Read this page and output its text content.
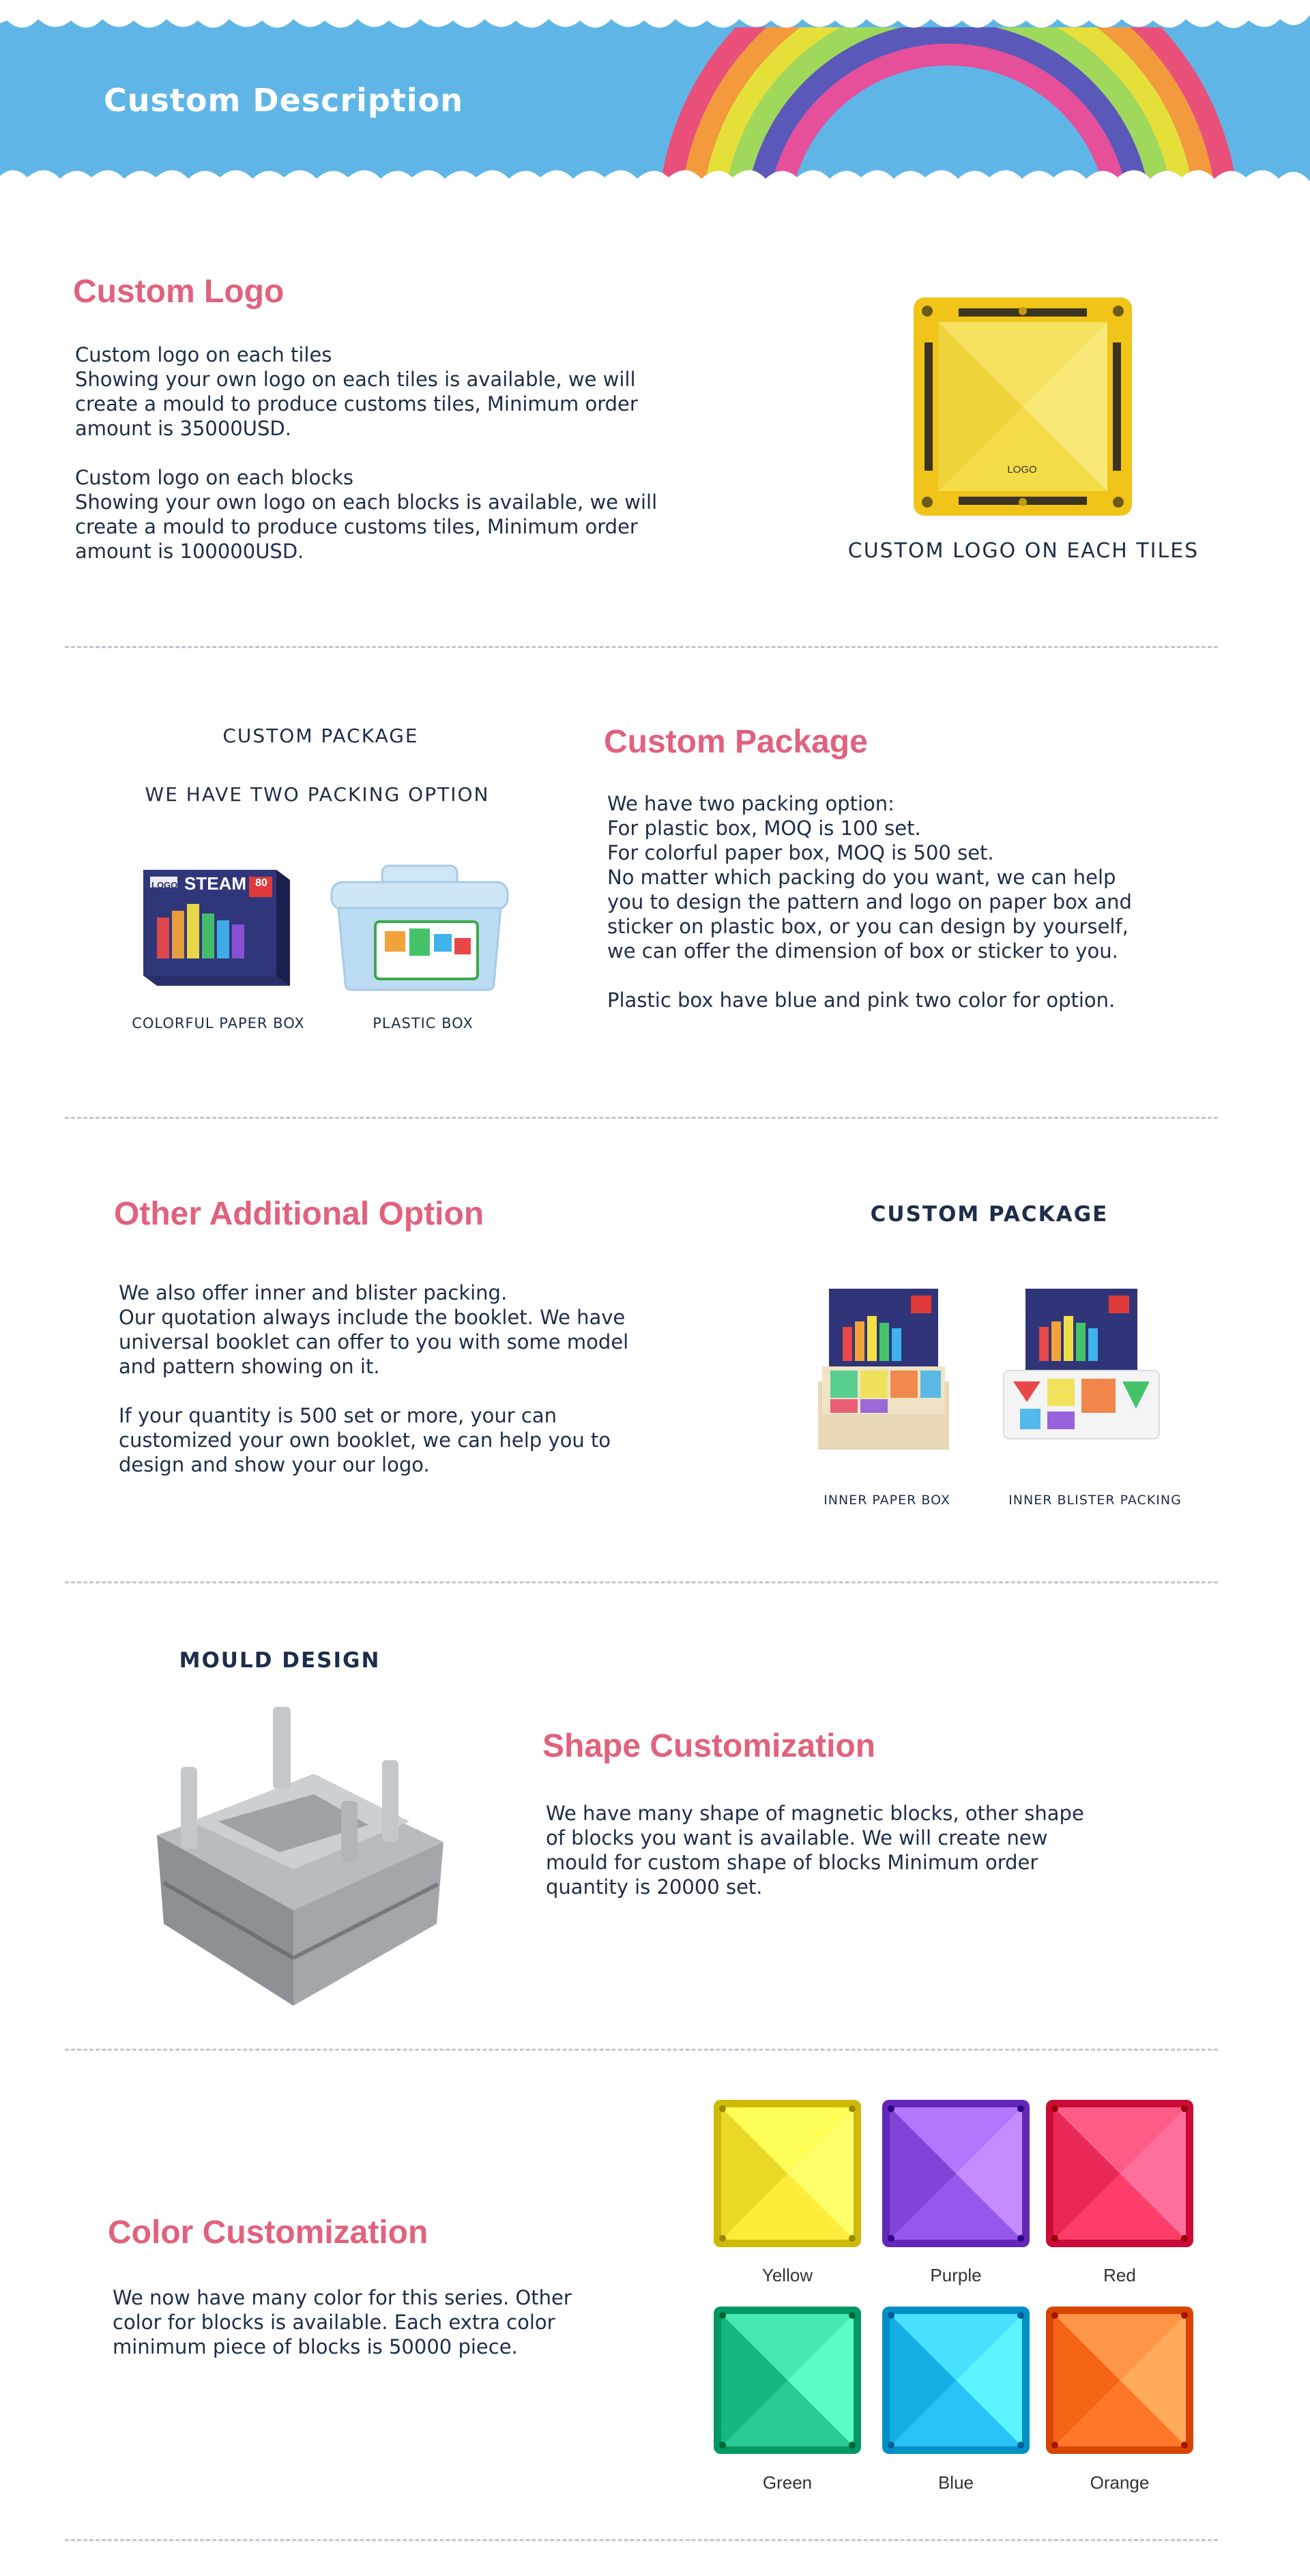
Custom Description
Custom Logo
Custom logo on each tiles
Showing your own logo on each tiles is available, we will
create a mould to produce customs tiles, Minimum order
amount is 35000USD.

Custom logo on each blocks
Showing your own logo on each blocks is available, we will
create a mould to produce customs tiles, Minimum order
amount is 100000USD.
LOGO
CUSTOM LOGO ON EACH TILES
CUSTOM PACKAGE
WE HAVE TWO PACKING OPTION
LOGO STEAM 80
COLORFUL PAPER BOX	PLASTIC BOX
Custom Package
We have two packing option:
For plastic box, MOQ is 100 set.
For colorful paper box, MOQ is 500 set.
No matter which packing do you want, we can help
you to design the pattern and logo on paper box and
sticker on plastic box, or you can design by yourself,
we can offer the dimension of box or sticker to you.

Plastic box have blue and pink two color for option.
Other Additional Option
We also offer inner and blister packing.
Our quotation always include the booklet. We have
universal booklet can offer to you with some model
and pattern showing on it.

If your quantity is 500 set or more, your can
customized your own booklet, we can help you to
design and show your our logo.
CUSTOM PACKAGE
INNER PAPER BOX	INNER BLISTER PACKING
MOULD DESIGN
Shape Customization
We have many shape of magnetic blocks, other shape
of blocks you want is available. We will create new
mould for custom shape of blocks Minimum order
quantity is 20000 set.
Color Customization
We now have many color for this series. Other
color for blocks is available. Each extra color
minimum piece of blocks is 50000 piece.
Yellow	Purple	Red
Green	Blue	Orange
